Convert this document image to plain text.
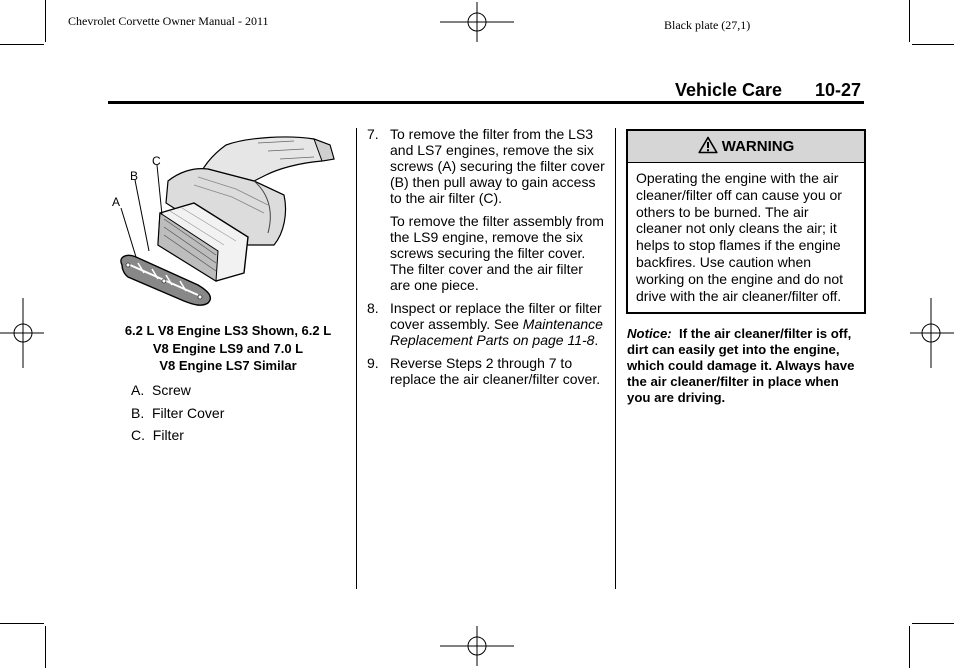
Chevrolet Corvette Owner Manual - 2011	Black plate (27,1)
Vehicle Care 10-27
A
B
C
6.2 L V8 Engine LS3 Shown, 6.2 L
V8 Engine LS9 and 7.0 L
V8 Engine LS7 Similar
A.  Screw
B.  Filter Cover
C.  Filter
7. To remove the filter from the LS3 and LS7 engines, remove the six screws (A) securing the filter cover (B) then pull away to gain access to the air filter (C).

To remove the filter assembly from the LS9 engine, remove the six screws securing the filter cover. The filter cover and the air filter are one piece.

8. Inspect or replace the filter or filter cover assembly. See Maintenance Replacement Parts on page 11-8.

9. Reverse Steps 2 through 7 to replace the air cleaner/filter cover.

WARNING
Operating the engine with the air cleaner/filter off can cause you or others to be burned. The air cleaner not only cleans the air; it helps to stop flames if the engine backfires. Use caution when working on the engine and do not drive with the air cleaner/filter off.
Notice: If the air cleaner/filter is off, dirt can easily get into the engine, which could damage it. Always have the air cleaner/filter in place when you are driving.
